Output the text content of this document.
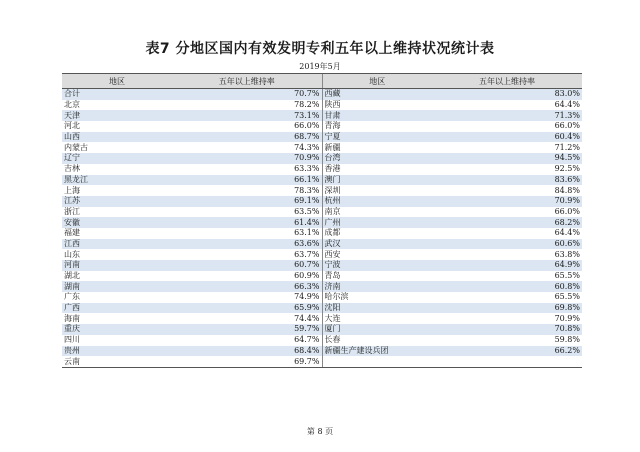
表7 分地区国内有效发明专利五年以上维持状况统计表
2019年5月
地区	五年以上维持率	地区	五年以上维持率
合计	70.7%	西藏	83.0%
北京	78.2%	陕西	64.4%
天津	73.1%	甘肃	71.3%
河北	66.0%	青海	66.0%
山西	68.7%	宁夏	60.4%
内蒙古	74.3%	新疆	71.2%
辽宁	70.9%	台湾	94.5%
吉林	63.3%	香港	92.5%
黑龙江	66.1%	澳门	83.6%
上海	78.3%	深圳	84.8%
江苏	69.1%	杭州	70.9%
浙江	63.5%	南京	66.0%
安徽	61.4%	广州	68.2%
福建	63.1%	成都	64.4%
江西	63.6%	武汉	60.6%
山东	63.7%	西安	63.8%
河南	60.7%	宁波	64.9%
湖北	60.9%	青岛	65.5%
湖南	66.3%	济南	60.8%
广东	74.9%	哈尔滨	65.5%
广西	65.9%	沈阳	69.8%
海南	74.4%	大连	70.9%
重庆	59.7%	厦门	70.8%
四川	64.7%	长春	59.8%
贵州	68.4%	新疆生产建设兵团	66.2%
云南	69.7%		
第 8 页
